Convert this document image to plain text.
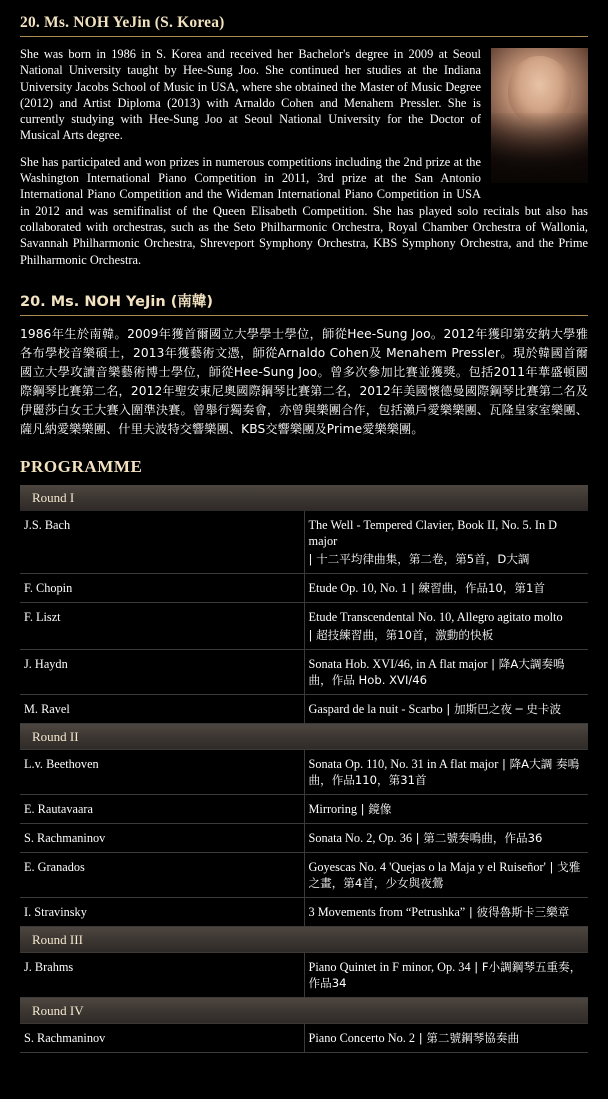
20. Ms. NOH YeJin (S. Korea)

She was born in 1986 in S. Korea and received her Bachelor's degree in 2009 at Seoul National University taught by Hee-Sung Joo. She continued her studies at the Indiana University Jacobs School of Music in USA, where she obtained the Master of Music Degree (2012) and Artist Diploma (2013) with Arnaldo Cohen and Menahem Pressler. She is currently studying with Hee-Sung Joo at Seoul National University for the Doctor of Musical Arts degree.

She has participated and won prizes in numerous competitions including the 2nd prize at the Washington International Piano Competition in 2011, 3rd prize at the San Antonio International Piano Competition and the Wideman International Piano Competition in USA in 2012 and was semifinalist of the Queen Elisabeth Competition. She has played solo recitals but also has collaborated with orchestras, such as the Seto Philharmonic Orchestra, Royal Chamber Orchestra of Wallonia, Savannah Philharmonic Orchestra, Shreveport Symphony Orchestra, KBS Symphony Orchestra, and the Prime Philharmonic Orchestra.

20. Ms. NOH YeJin (南韓)

1986年生於南韓。2009年獲首爾國立大學學士學位，師從Hee-Sung Joo。2012年獲印第安納大學雅各布學校音樂碩士，2013年獲藝術文憑，師從Arnaldo Cohen及 Menahem Pressler。現於韓國首爾國立大學攻讀音樂藝術博士學位，師從Hee-Sung Joo。曾多次參加比賽並獲獎。包括2011年華盛頓國際鋼琴比賽第二名，2012年聖安東尼奧國際鋼琴比賽第二名，2012年美國懷德曼國際鋼琴比賽第二名及伊麗莎白女王大賽入圍準決賽。曾舉行獨奏會，亦曾與樂團合作，包括瀨戶愛樂樂團、瓦隆皇家室樂團、薩凡納愛樂樂團、什里夫波特交響樂團、KBS交響樂團及Prime愛樂樂團。

PROGRAMME
Round I	
J.S. Bach	The Well - Tempered Clavier, Book II, No. 5. In D major
| 十二平均律曲集，第二卷，第5首，D大調

F. Chopin	Etude Op. 10, No. 1 | 練習曲，作品10，第1首
F. Liszt	Etude Transcendental No. 10, Allegro agitato molto
| 超技練習曲，第10首，激動的快板

J. Haydn	Sonata Hob. XVI/46, in A flat major | 降A大調奏鳴曲，作品 Hob. XVI/46
M. Ravel	Gaspard de la nuit - Scarbo | 加斯巴之夜 ─ 史卡波
Round II	
L.v. Beethoven	Sonata Op. 110, No. 31 in A flat major | 降A大調 奏鳴曲，作品110，第31首
E. Rautavaara	Mirroring | 鏡像
S. Rachmaninov	Sonata No. 2, Op. 36 | 第二號奏鳴曲，作品36
E. Granados	Goyescas No. 4 'Quejas o la Maja y el Ruiseñor' | 戈雅之畫，第4首，少女與夜鶯
I. Stravinsky	3 Movements from “Petrushka” | 彼得魯斯卡三樂章
Round III	
J. Brahms	Piano Quintet in F minor, Op. 34 | F小調鋼琴五重奏，作品34
Round IV	
S. Rachmaninov	Piano Concerto No. 2 | 第二號鋼琴協奏曲
